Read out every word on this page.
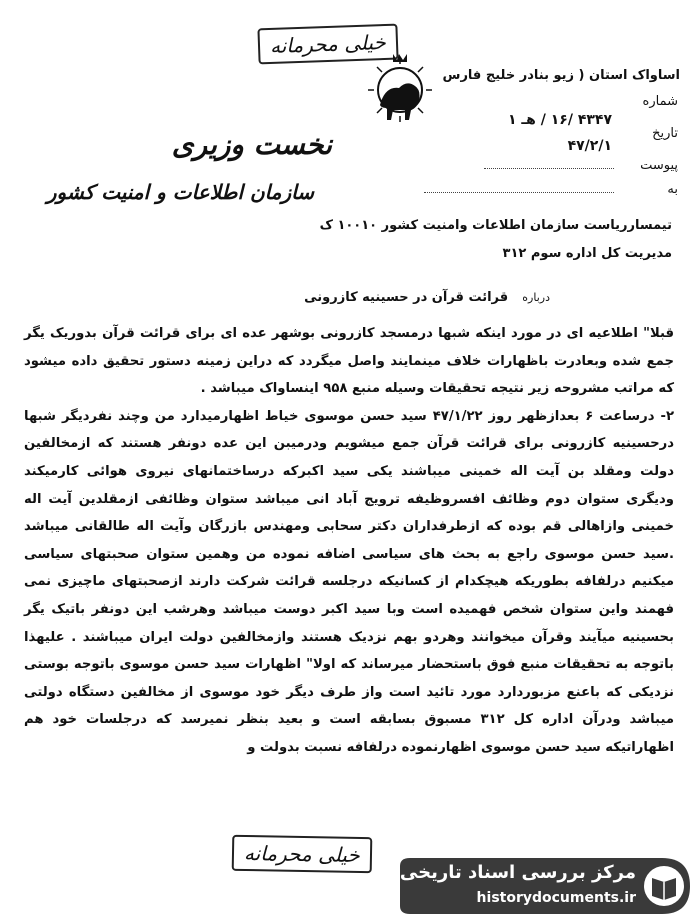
خیلی محرمانه
نخست وزیری
سازمان اطلاعات و امنیت کشور
اساواک استان ( زیو بنادر خلیج فارس
شماره
۴۳۴۷ /۱۶ / هـ ۱
تاریخ
۴۷/۲/۱
پیوست
به
تیمسارریاست سازمان اطلاعات وامنیت کشور ۱۰۰۱۰ ک
مدیریت کل اداره سوم ۳۱۲
درباره قرائت قرآن در حسینیه کازرونی
قبلا" اطلاعیه ای در مورد اینکه شبها درمسجد کازرونی بوشهر عده ای برای قرائت قرآن بدوریک یگر جمع شده وبعادرت باظهارات خلاف مینمایند واصل میگردد که دراین زمینه دستور تحقیق داده میشود که مراتب مشروحه زیر نتیجه تحقیقات وسیله منبع ۹۵۸ اینساواک میباشد .
۲- درساعت ۶ بعدازظهر روز ۴۷/۱/۲۲ سید حسن موسوی خیاط اظهارمیدارد من وچند نفردیگر شبها درحسینیه کازرونی برای قرائت قرآن جمع میشویم ودرمیبن این عده دونفر هستند که ازمخالفین دولت ومقلد بن آیت اله خمینی میباشند یکی سید اکبرکه درساختمانهای نیروی هوائی کارمیکند ودیگری ستوان دوم وظائف افسروظیفه ترویج آباد انی میباشد ستوان وظائفی ازمقلدین آیت اله خمینی وازاهالی قم بوده که ازطرفداران دکتر سحابی ومهندس بازرگان وآیت اله طالقانی میباشد .سید حسن موسوی راجع به بحث های سیاسی اضافه نموده من وهمین ستوان صحبتهای سیاسی میکنیم درلفافه بطوریکه هیچکدام از کسانیکه درجلسه قرائت شرکت دارند ازصحبتهای ماچیزی نمی فهمند واین ستوان شخص فهمیده است وبا سید اکبر دوست میباشد وهرشب این دونفر باتیک یگر بحسینیه میآیند وقرآن میخوانند وهردو بهم نزدیک هستند وازمخالفین دولت ایران میباشند . علیهذا باتوجه به تحقیقات منبع فوق باستحضار میرساند که اولا" اظهارات سید حسن موسوی باتوجه بوستی نزدیکی که باعنع مزبوردارد مورد تائید است واز طرف دیگر خود موسوی از مخالفین دستگاه دولتی میباشد ودرآن اداره کل ۳۱۲ مسبوق بسابقه است و بعید بنظر نمیرسد که درجلسات خود هم اظهاراتیکه سید حسن موسوی اظهارنموده درلفافه نسبت بدولت و
خیلی محرمانه
مرکز بررسی اسناد تاریخی
historydocuments.ir
